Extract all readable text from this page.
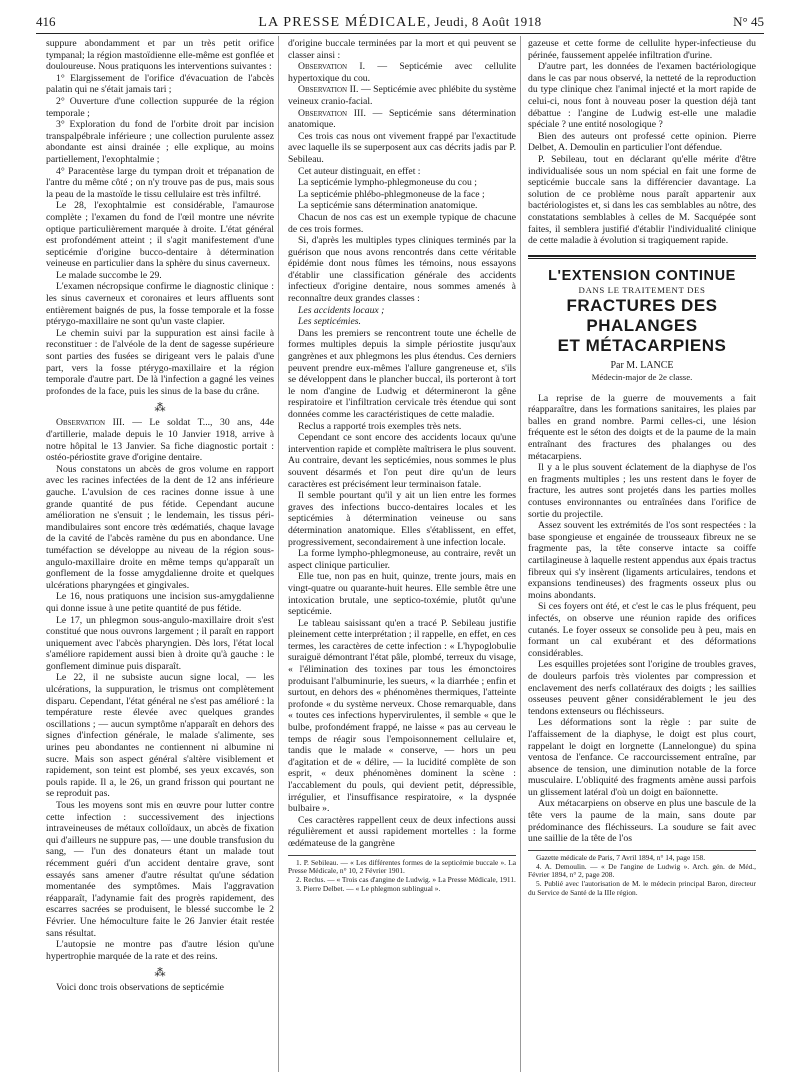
416	LA PRESSE MÉDICALE, Jeudi, 8 Août 1918	N° 45

suppure abondamment et par un très petit orifice tympanal; la région mastoïdienne elle-même est gonflée et douloureuse. Nous pratiquons les interventions suivantes :

1° Elargissement de l'orifice d'évacuation de l'abcès palatin qui ne s'était jamais tari ;

2° Ouverture d'une collection suppurée de la région temporale ;

3° Exploration du fond de l'orbite droit par incision transpalpébrale inférieure ; une collection purulente assez abondante est ainsi drainée ; elle explique, au moins partiellement, l'exophtalmie ;

4° Paracentèse large du tympan droit et trépanation de l'antre du même côté ; on n'y trouve pas de pus, mais sous la peau de la mastoïde le tissu cellulaire est très infiltré.

Le 28, l'exophtalmie est considérable, l'amaurose complète ; l'examen du fond de l'œil montre une névrite optique particulièrement marquée à droite. L'état général est profondément atteint ; il s'agit manifestement d'une septicémie d'origine bucco-dentaire à détermination veineuse en particulier dans la sphère du sinus caverneux.

Le malade succombe le 29.

L'examen nécropsique confirme le diagnostic clinique : les sinus caverneux et coronaires et leurs affluents sont entièrement baignés de pus, la fosse temporale et la fosse ptérygo-maxillaire ne sont qu'un vaste clapier.

Le chemin suivi par la suppuration est ainsi facile à reconstituer : de l'alvéole de la dent de sagesse supérieure sont parties des fusées se dirigeant vers le palais d'une part, vers la fosse ptérygo-maxillaire et la région temporale d'autre part. De là l'infection a gagné les veines profondes de la face, puis les sinus de la base du crâne.

⁂

Observation III. — Le soldat T..., 30 ans, 44e d'artillerie, malade depuis le 10 Janvier 1918, arrive à notre hôpital le 13 Janvier. Sa fiche diagnostic portait : ostéo-périostite grave d'origine dentaire.

Nous constatons un abcès de gros volume en rapport avec les racines infectées de la dent de 12 ans inférieure gauche. L'avulsion de ces racines donne issue à une grande quantité de pus fétide. Cependant aucune amélioration ne s'ensuit ; le lendemain, les tissus péri-mandibulaires sont encore très œdématiés, chaque lavage de la cavité de l'abcès ramène du pus en abondance. Une tuméfaction se développe au niveau de la région sous-angulo-maxillaire droite en même temps qu'apparaît un gonflement de la fosse amygdalienne droite et quelques ulcérations pharyngées et gingivales.

Le 16, nous pratiquons une incision sus-amygdalienne qui donne issue à une petite quantité de pus fétide.

Le 17, un phlegmon sous-angulo-maxillaire droit s'est constitué que nous ouvrons largement ; il paraît en rapport uniquement avec l'abcès pharyngien. Dès lors, l'état local s'améliore rapidement aussi bien à droite qu'à gauche : le gonflement diminue puis disparaît.

Le 22, il ne subsiste aucun signe local, — les ulcérations, la suppuration, le trismus ont complètement disparu. Cependant, l'état général ne s'est pas amélioré : la température reste élevée avec quelques grandes oscillations ; — aucun symptôme n'apparaît en dehors des signes d'infection générale, le malade s'alimente, ses urines peu abondantes ne contiennent ni albumine ni sucre. Mais son aspect général s'altère visiblement et rapidement, son teint est plombé, ses yeux excavés, son pouls rapide. Il a, le 26, un grand frisson qui pourtant ne se reproduit pas.

Tous les moyens sont mis en œuvre pour lutter contre cette infection : successivement des injections intraveineuses de métaux colloïdaux, un abcès de fixation qui d'ailleurs ne suppure pas, — une double transfusion du sang, — l'un des donateurs étant un malade tout récemment guéri d'un accident dentaire grave, sont essayés sans amener d'autre résultat qu'une sédation momentanée des symptômes. Mais l'aggravation réapparaît, l'adynamie fait des progrès rapidement, des escarres sacrées se produisent, le blessé succombe le 2 Février. Une hémoculture faite le 26 Janvier était restée sans résultat.

L'autopsie ne montre pas d'autre lésion qu'une hypertrophie marquée de la rate et des reins.

⁂

Voici donc trois observations de septicémie

d'origine buccale terminées par la mort et qui peuvent se classer ainsi :

Observation I. — Septicémie avec cellulite hypertoxique du cou.

Observation II. — Septicémie avec phlébite du système veineux cranio-facial.

Observation III. — Septicémie sans détermination anatomique.

Ces trois cas nous ont vivement frappé par l'exactitude avec laquelle ils se superposent aux cas décrits jadis par P. Sebileau.

Cet auteur distinguait, en effet :

La septicémie lympho-phlegmoneuse du cou ;

La septicémie phlébo-phlegmoneuse de la face ;

La septicémie sans détermination anatomique.

Chacun de nos cas est un exemple typique de chacune de ces trois formes.

Si, d'après les multiples types cliniques terminés par la guérison que nous avons rencontrés dans cette véritable épidémie dont nous fûmes les témoins, nous essayons d'établir une classification générale des accidents infectieux d'origine dentaire, nous sommes amenés à reconnaître deux grandes classes :

Les accidents locaux ;

Les septicémies.

Dans les premiers se rencontrent toute une échelle de formes multiples depuis la simple périostite jusqu'aux gangrènes et aux phlegmons les plus étendus. Ces derniers peuvent prendre eux-mêmes l'allure gangreneuse et, s'ils se développent dans le plancher buccal, ils porteront à tort le nom d'angine de Ludwig et détermineront la gêne respiratoire et l'infiltration cervicale très étendue qui sont données comme les caractéristiques de cette maladie.

Reclus a rapporté trois exemples très nets.

Cependant ce sont encore des accidents locaux qu'une intervention rapide et complète maîtrisera le plus souvent. Au contraire, devant les septicémies, nous sommes le plus souvent désarmés et l'on peut dire qu'un de leurs caractères est précisément leur terminaison fatale.

Il semble pourtant qu'il y ait un lien entre les formes graves des infections bucco-dentaires locales et les septicémies à détermination veineuse ou sans détermination anatomique. Elles s'établissent, en effet, progressivement, secondairement à une infection locale.

La forme lympho-phlegmoneuse, au contraire, revêt un aspect clinique particulier.

Elle tue, non pas en huit, quinze, trente jours, mais en vingt-quatre ou quarante-huit heures. Elle semble être une intoxication brutale, une septico-toxémie, plutôt qu'une septicémie.

Le tableau saisissant qu'en a tracé P. Sebileau justifie pleinement cette interprétation ; il rappelle, en effet, en ces termes, les caractères de cette infection : « L'hypoglobulie suraiguë démontrant l'état pâle, plombé, terreux du visage, « l'élimination des toxines par tous les émonctoires produisant l'albuminurie, les sueurs, « la diarrhée ; enfin et surtout, en dehors des « phénomènes thermiques, l'atteinte profonde « du système nerveux. Chose remarquable, dans « toutes ces infections hypervirulentes, il semble « que le bulbe, profondément frappé, ne laisse « pas au cerveau le temps de réagir sous l'empoisonnement cellulaire et, tandis que le malade « conserve, — hors un peu d'agitation et de « délire, — la lucidité complète de son esprit, « deux phénomènes dominent la scène : l'accablement du pouls, qui devient petit, dépressible, irrégulier, et l'insuffisance respiratoire, « la dyspnée bulbaire ».

Ces caractères rappellent ceux de deux infections aussi régulièrement et aussi rapidement mortelles : la forme œdémateuse de la gangrène

1. P. Sebileau. — « Les différentes formes de la septicémie buccale ». La Presse Médicale, n° 10, 2 Février 1901.

2. Reclus. — « Trois cas d'angine de Ludwig. » La Presse Médicale, 1911.

3. Pierre Delbet. — « Le phlegmon sublingual ».

gazeuse et cette forme de cellulite hyper-infectieuse du périnée, faussement appelée infiltration d'urine.

D'autre part, les données de l'examen bactériologique dans le cas par nous observé, la netteté de la reproduction du type clinique chez l'animal injecté et la mort rapide de celui-ci, nous font à nouveau poser la question déjà tant débattue : l'angine de Ludwig est-elle une maladie spéciale ? une entité nosologique ?

Bien des auteurs ont professé cette opinion. Pierre Delbet, A. Demoulin en particulier l'ont défendue.

P. Sebileau, tout en déclarant qu'elle mérite d'être individualisée sous un nom spécial en fait une forme de septicémie buccale sans la différencier davantage. La solution de ce problème nous paraît appartenir aux bactériologistes et, si dans les cas semblables au nôtre, des constatations semblables à celles de M. Sacquépée sont faites, il semblera justifié d'établir l'individualité clinique de cette maladie à évolution si tragiquement rapide.

L'EXTENSION CONTINUE
DANS LE TRAITEMENT DES
FRACTURES DES PHALANGES
ET MÉTACARPIENS
Par M. LANCE
Médecin-major de 2e classe.

La reprise de la guerre de mouvements a fait réapparaître, dans les formations sanitaires, les plaies par balles en grand nombre. Parmi celles-ci, une lésion fréquente est le séton des doigts et de la paume de la main entraînant des fractures des phalanges ou des métacarpiens.

Il y a le plus souvent éclatement de la diaphyse de l'os en fragments multiples ; les uns restent dans le foyer de fracture, les autres sont projetés dans les parties molles contuses environnantes ou entraînées dans l'orifice de sortie du projectile.

Assez souvent les extrémités de l'os sont respectées : la base spongieuse et engainée de trousseaux fibreux ne se fragmente pas, la tête conserve intacte sa coiffe cartilagineuse à laquelle restent appendus aux épais tractus fibreux qui s'y insèrent (ligaments articulaires, tendons et expansions tendineuses) des fragments osseux plus ou moins abondants.

Si ces foyers ont été, et c'est le cas le plus fréquent, peu infectés, on observe une réunion rapide des orifices cutanés. Le foyer osseux se consolide peu à peu, mais en formant un cal exubérant et des déformations considérables.

Les esquilles projetées sont l'origine de troubles graves, de douleurs parfois très violentes par compression et enclavement des nerfs collatéraux des doigts ; les saillies osseuses peuvent gêner considérablement le jeu des tendons extenseurs ou fléchisseurs.

Les déformations sont la règle : par suite de l'affaissement de la diaphyse, le doigt est plus court, rappelant le doigt en lorgnette (Lannelongue) du spina ventosa de l'enfance. Ce raccourcissement entraîne, par absence de tension, une diminution notable de la force musculaire. L'obliquité des fragments amène aussi parfois un glissement latéral d'où un doigt en baïonnette.

Aux métacarpiens on observe en plus une bascule de la tête vers la paume de la main, sans doute par prédominance des fléchisseurs. La soudure se fait avec une saillie de la tête de l'os

Gazette médicale de Paris, 7 Avril 1894, n° 14, page 158.

4. A. Demoulin. — « De l'angine de Ludwig ». Arch. gén. de Méd., Février 1894, n° 2, page 208.

5. Publié avec l'autorisation de M. le médecin principal Baron, directeur du Service de Santé de la IIIe région.
